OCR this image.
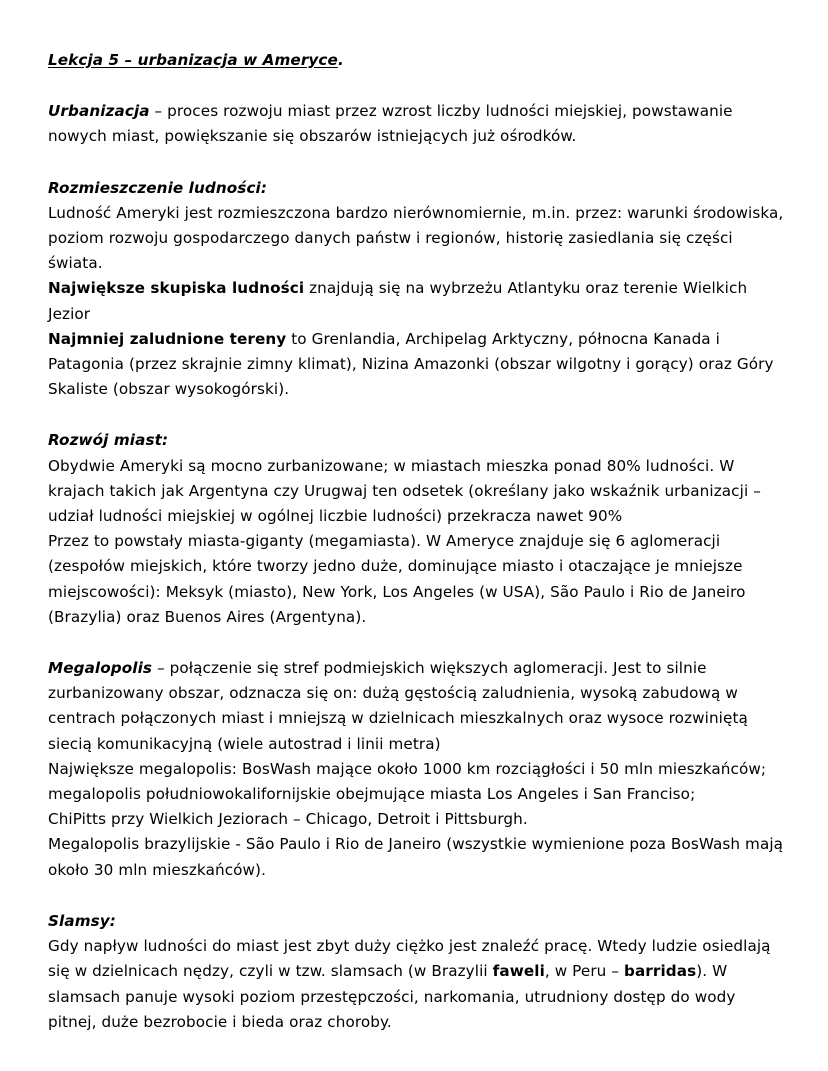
Lekcja 5 – urbanizacja w Ameryce.

Urbanizacja – proces rozwoju miast przez wzrost liczby ludności miejskiej, powstawanie nowych miast, powiększanie się obszarów istniejących już ośrodków.

Rozmieszczenie ludności:

Ludność Ameryki jest rozmieszczona bardzo nierównomiernie, m.in. przez: warunki środowiska, poziom rozwoju gospodarczego danych państw i regionów, historię zasiedlania się części świata.

Największe skupiska ludności znajdują się na wybrzeżu Atlantyku oraz terenie Wielkich Jezior

Najmniej zaludnione tereny to Grenlandia, Archipelag Arktyczny, północna Kanada i Patagonia (przez skrajnie zimny klimat), Nizina Amazonki (obszar wilgotny i gorący) oraz Góry Skaliste (obszar wysokogórski).

Rozwój miast:

Obydwie Ameryki są mocno zurbanizowane; w miastach mieszka ponad 80% ludności. W krajach takich jak Argentyna czy Urugwaj ten odsetek (określany jako wskaźnik urbanizacji – udział ludności miejskiej w ogólnej liczbie ludności) przekracza nawet 90%

Przez to powstały miasta-giganty (megamiasta). W Ameryce znajduje się 6 aglomeracji (zespołów miejskich, które tworzy jedno duże, dominujące miasto i otaczające je mniejsze miejscowości): Meksyk (miasto), New York, Los Angeles (w USA), São Paulo i Rio de Janeiro (Brazylia) oraz Buenos Aires (Argentyna).

Megalopolis – połączenie się stref podmiejskich większych aglomeracji. Jest to silnie zurbanizowany obszar, odznacza się on: dużą gęstością zaludnienia, wysoką zabudową w centrach połączonych miast i mniejszą w dzielnicach mieszkalnych oraz wysoce rozwiniętą siecią komunikacyjną (wiele autostrad i linii metra)

Największe megalopolis: BosWash mające około 1000 km rozciągłości i 50 mln mieszkańców;

megalopolis południowokalifornijskie obejmujące miasta Los Angeles i San Franciso;

ChiPitts przy Wielkich Jeziorach – Chicago, Detroit i Pittsburgh.

Megalopolis brazylijskie - São Paulo i Rio de Janeiro (wszystkie wymienione poza BosWash mają około 30 mln mieszkańców).

Slamsy:

Gdy napływ ludności do miast jest zbyt duży ciężko jest znaleźć pracę. Wtedy ludzie osiedlają się w dzielnicach nędzy, czyli w tzw. slamsach (w Brazylii faweli, w Peru – barridas). W slamsach panuje wysoki poziom przestępczości, narkomania, utrudniony dostęp do wody pitnej, duże bezrobocie i bieda oraz choroby.
